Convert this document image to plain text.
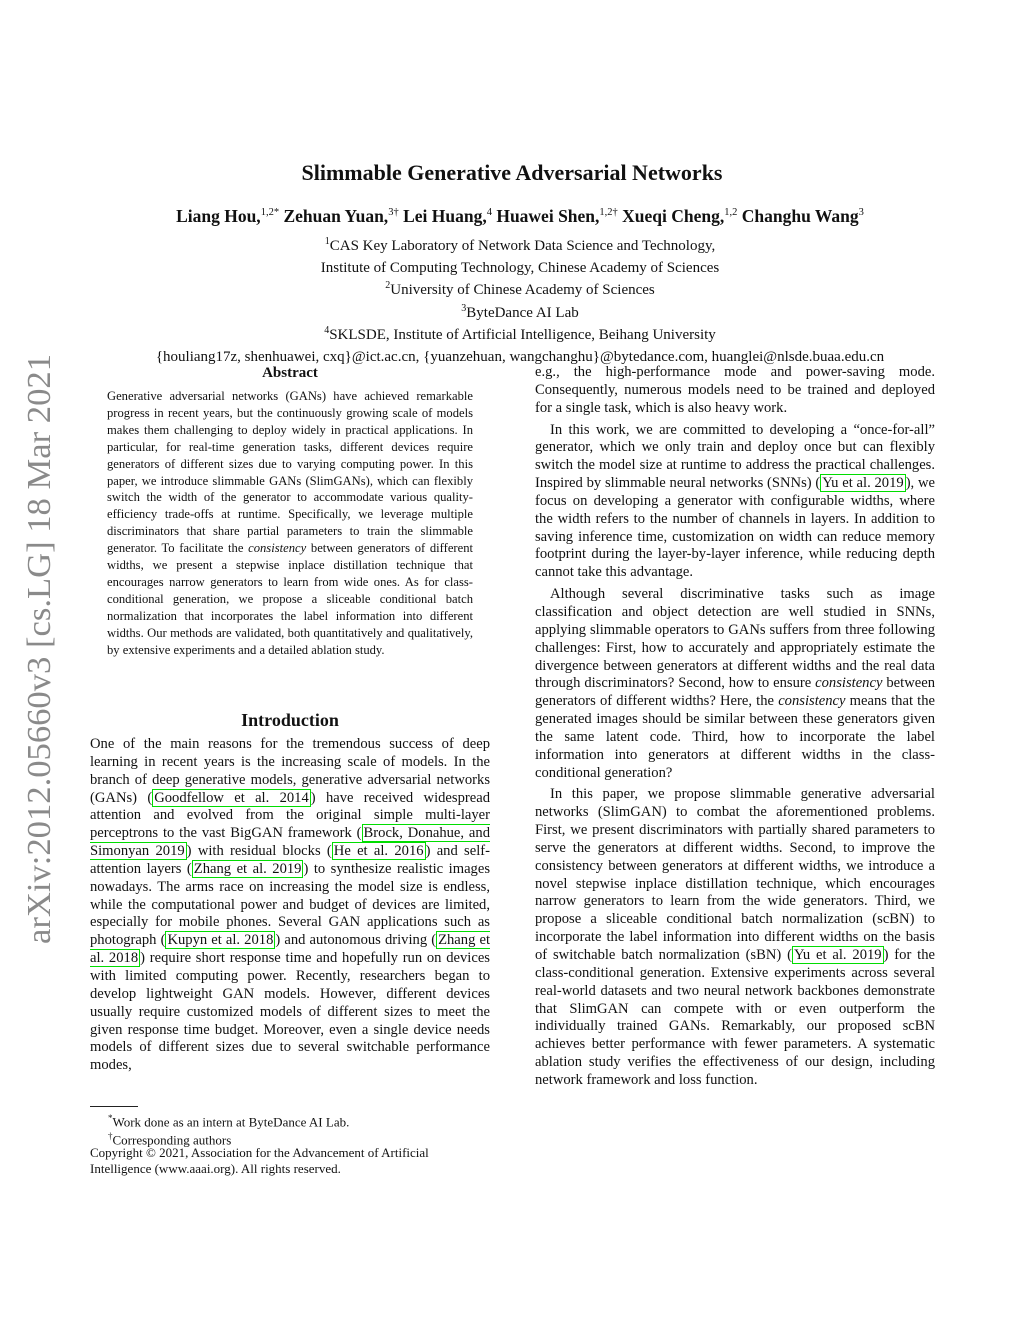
arXiv:2012.05660v3 [cs.LG] 18 Mar 2021
Slimmable Generative Adversarial Networks
Liang Hou,$^{1,2*}$ Zehuan Yuan,$^{3\dagger}$ Lei Huang,$^4$ Huawei Shen,$^{1,2\dagger}$ Xueqi Cheng,$^{1,2}$ Changhu Wang$^3$
$^1$CAS Key Laboratory of Network Data Science and Technology,
Institute of Computing Technology, Chinese Academy of Sciences
$^2$University of Chinese Academy of Sciences
$^3$ByteDance AI Lab
$^4$SKLSDE, Institute of Artificial Intelligence, Beihang University
{houliang17z, shenhuawei, cxq}@ict.ac.cn, {yuanzehuan, wangchanghu}@bytedance.com, huanglei@nlsde.buaa.edu.cn
Abstract
Generative adversarial networks (GANs) have achieved remarkable progress in recent years, but the continuously growing scale of models makes them challenging to deploy widely in practical applications. In particular, for real-time generation tasks, different devices require generators of different sizes due to varying computing power. In this paper, we introduce slimmable GANs (SlimGANs), which can flexibly switch the width of the generator to accommodate various quality-efficiency trade-offs at runtime. Specifically, we leverage multiple discriminators that share partial parameters to train the slimmable generator. To facilitate the consistency between generators of different widths, we present a stepwise inplace distillation technique that encourages narrow generators to learn from wide ones. As for class-conditional generation, we propose a sliceable conditional batch normalization that incorporates the label information into different widths. Our methods are validated, both quantitatively and qualitatively, by extensive experiments and a detailed ablation study.
Introduction

One of the main reasons for the tremendous success of deep learning in recent years is the increasing scale of models. In the branch of deep generative models, generative adversarial networks (GANs) ( Goodfellow et al. 2014 ) have received widespread attention and evolved from the original simple multi-layer perceptrons to the vast BigGAN framework ( Brock, Donahue, and Simonyan 2019 ) with residual blocks ( He et al. 2016 ) and self-attention layers ( Zhang et al. 2019 ) to synthesize realistic images nowadays. The arms race on increasing the model size is endless, while the computational power and budget of devices are limited, especially for mobile phones. Several GAN applications such as photograph ( Kupyn et al. 2018 ) and autonomous driving ( Zhang et al. 2018 ) require short response time and hopefully run on devices with limited computing power. Recently, researchers began to develop lightweight GAN models. However, different devices usually require customized models of different sizes to meet the given response time budget. Moreover, even a single device needs models of different sizes due to several switchable performance modes,

*Work done as an intern at ByteDance AI Lab.
†Corresponding authors
Copyright © 2021, Association for the Advancement of Artificial Intelligence (www.aaai.org). All rights reserved.

e.g., the high-performance mode and power-saving mode. Consequently, numerous models need to be trained and deployed for a single task, which is also heavy work.

In this work, we are committed to developing a “once-for-all” generator, which we only train and deploy once but can flexibly switch the model size at runtime to address the practical challenges. Inspired by slimmable neural networks (SNNs) ( Yu et al. 2019 ), we focus on developing a generator with configurable widths, where the width refers to the number of channels in layers. In addition to saving inference time, customization on width can reduce memory footprint during the layer-by-layer inference, while reducing depth cannot take this advantage.

Although several discriminative tasks such as image classification and object detection are well studied in SNNs, applying slimmable operators to GANs suffers from three following challenges: First, how to accurately and appropriately estimate the divergence between generators at different widths and the real data through discriminators? Second, how to ensure consistency between generators of different widths? Here, the consistency means that the generated images should be similar between these generators given the same latent code. Third, how to incorporate the label information into generators at different widths in the class-conditional generation?

In this paper, we propose slimmable generative adversarial networks (SlimGAN) to combat the aforementioned problems. First, we present discriminators with partially shared parameters to serve the generators at different widths. Second, to improve the consistency between generators at different widths, we introduce a novel stepwise inplace distillation technique, which encourages narrow generators to learn from the wide generators. Third, we propose a sliceable conditional batch normalization (scBN) to incorporate the label information into different widths on the basis of switchable batch normalization (sBN) ( Yu et al. 2019 ) for the class-conditional generation. Extensive experiments across several real-world datasets and two neural network backbones demonstrate that SlimGAN can compete with or even outperform the individually trained GANs. Remarkably, our proposed scBN achieves better performance with fewer parameters. A systematic ablation study verifies the effectiveness of our design, including network framework and loss function.
